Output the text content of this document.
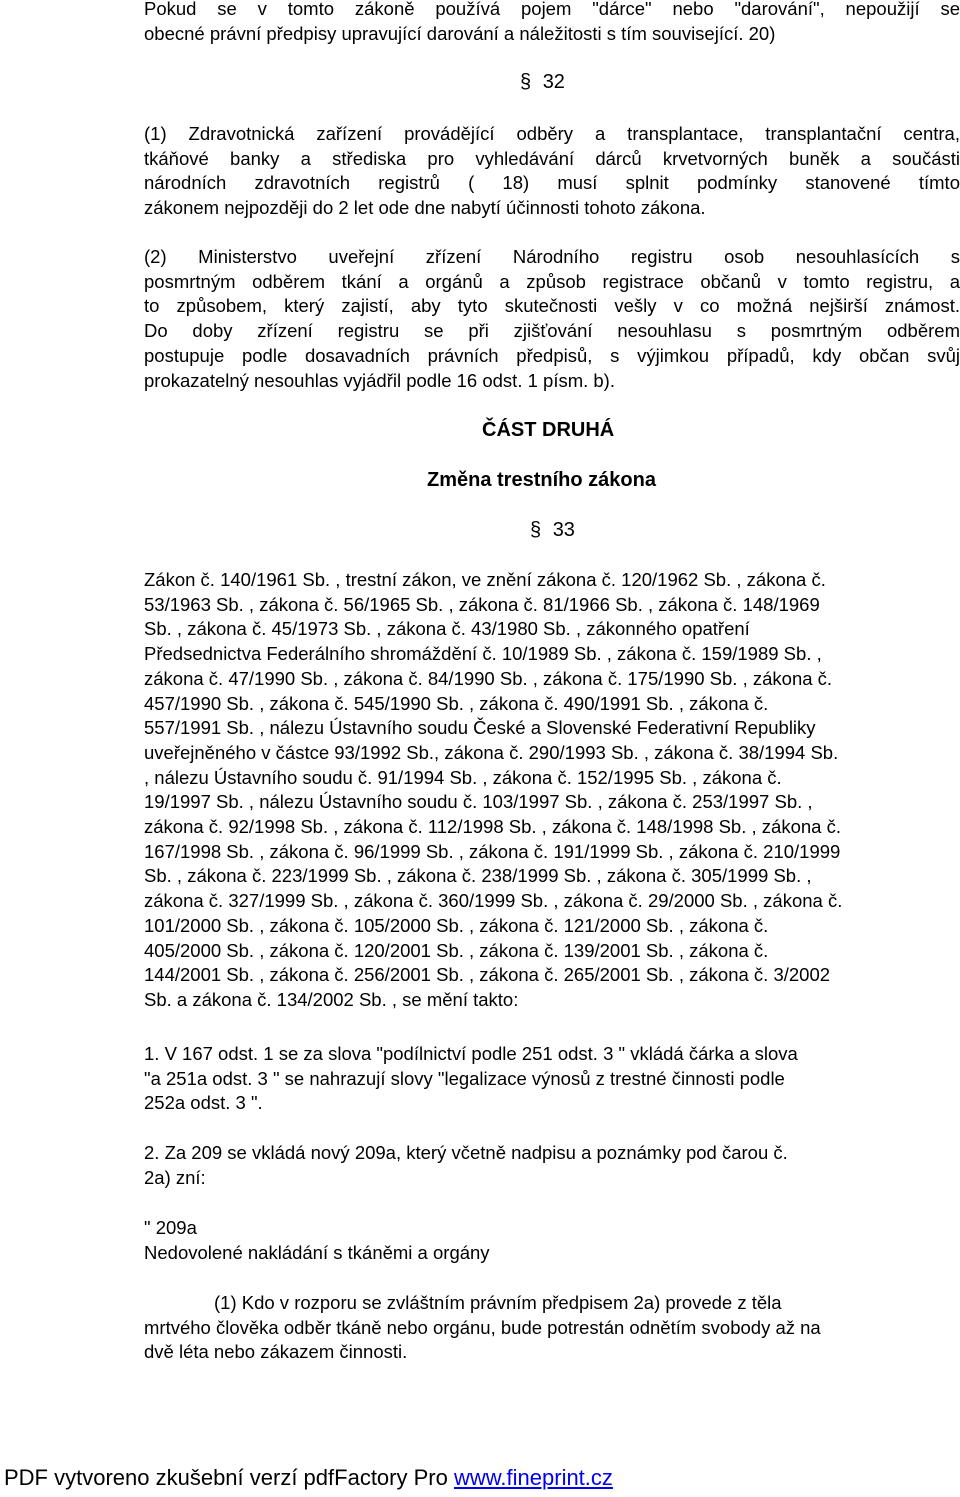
Pokud se v tomto zákoně používá pojem "dárce" nebo "darování", nepoužijí se
obecné právní předpisy upravující darování a náležitosti s tím související. 20)
§ 32
(1) Zdravotnická zařízení provádějící odběry a transplantace, transplantační centra,
tkáňové banky a střediska pro vyhledávání dárců krvetvorných buněk a součásti
národních zdravotních registrů ( 18) musí splnit podmínky stanovené tímto
zákonem nejpozději do 2 let ode dne nabytí účinnosti tohoto zákona.
(2) Ministerstvo uveřejní zřízení Národního registru osob nesouhlasících s
posmrtným odběrem tkání a orgánů a způsob registrace občanů v tomto registru, a
to způsobem, který zajistí, aby tyto skutečnosti vešly v co možná nejširší známost.
Do doby zřízení registru se při zjišťování nesouhlasu s posmrtným odběrem
postupuje podle dosavadních právních předpisů, s výjimkou případů, kdy občan svůj
prokazatelný nesouhlas vyjádřil podle 16 odst. 1 písm. b).
ČÁST DRUHÁ
Změna trestního zákona
§ 33
Zákon č. 140/1961 Sb. , trestní zákon, ve znění zákona č. 120/1962 Sb. , zákona č.
53/1963 Sb. , zákona č. 56/1965 Sb. , zákona č. 81/1966 Sb. , zákona č. 148/1969
Sb. , zákona č. 45/1973 Sb. , zákona č. 43/1980 Sb. , zákonného opatření
Předsednictva Federálního shromáždění č. 10/1989 Sb. , zákona č. 159/1989 Sb. ,
zákona č. 47/1990 Sb. , zákona č. 84/1990 Sb. , zákona č. 175/1990 Sb. , zákona č.
457/1990 Sb. , zákona č. 545/1990 Sb. , zákona č. 490/1991 Sb. , zákona č.
557/1991 Sb. , nálezu Ústavního soudu České a Slovenské Federativní Republiky
uveřejněného v částce 93/1992 Sb., zákona č. 290/1993 Sb. , zákona č. 38/1994 Sb.
, nálezu Ústavního soudu č. 91/1994 Sb. , zákona č. 152/1995 Sb. , zákona č.
19/1997 Sb. , nálezu Ústavního soudu č. 103/1997 Sb. , zákona č. 253/1997 Sb. ,
zákona č. 92/1998 Sb. , zákona č. 112/1998 Sb. , zákona č. 148/1998 Sb. , zákona č.
167/1998 Sb. , zákona č. 96/1999 Sb. , zákona č. 191/1999 Sb. , zákona č. 210/1999
Sb. , zákona č. 223/1999 Sb. , zákona č. 238/1999 Sb. , zákona č. 305/1999 Sb. ,
zákona č. 327/1999 Sb. , zákona č. 360/1999 Sb. , zákona č. 29/2000 Sb. , zákona č.
101/2000 Sb. , zákona č. 105/2000 Sb. , zákona č. 121/2000 Sb. , zákona č.
405/2000 Sb. , zákona č. 120/2001 Sb. , zákona č. 139/2001 Sb. , zákona č.
144/2001 Sb. , zákona č. 256/2001 Sb. , zákona č. 265/2001 Sb. , zákona č. 3/2002
Sb. a zákona č. 134/2002 Sb. , se mění takto:
1. V 167 odst. 1 se za slova "podílnictví podle 251 odst. 3 " vkládá čárka a slova
"a 251a odst. 3 " se nahrazují slovy "legalizace výnosů z trestné činnosti podle
252a odst. 3 ".
2. Za 209 se vkládá nový 209a, který včetně nadpisu a poznámky pod čarou č.
2a) zní:
" 209a
Nedovolené nakládání s tkáněmi a orgány
(1) Kdo v rozporu se zvláštním právním předpisem 2a) provede z těla
mrtvého člověka odběr tkáně nebo orgánu, bude potrestán odnětím svobody až na
dvě léta nebo zákazem činnosti.
PDF vytvoreno zkušební verzí pdfFactory Pro www.fineprint.cz
